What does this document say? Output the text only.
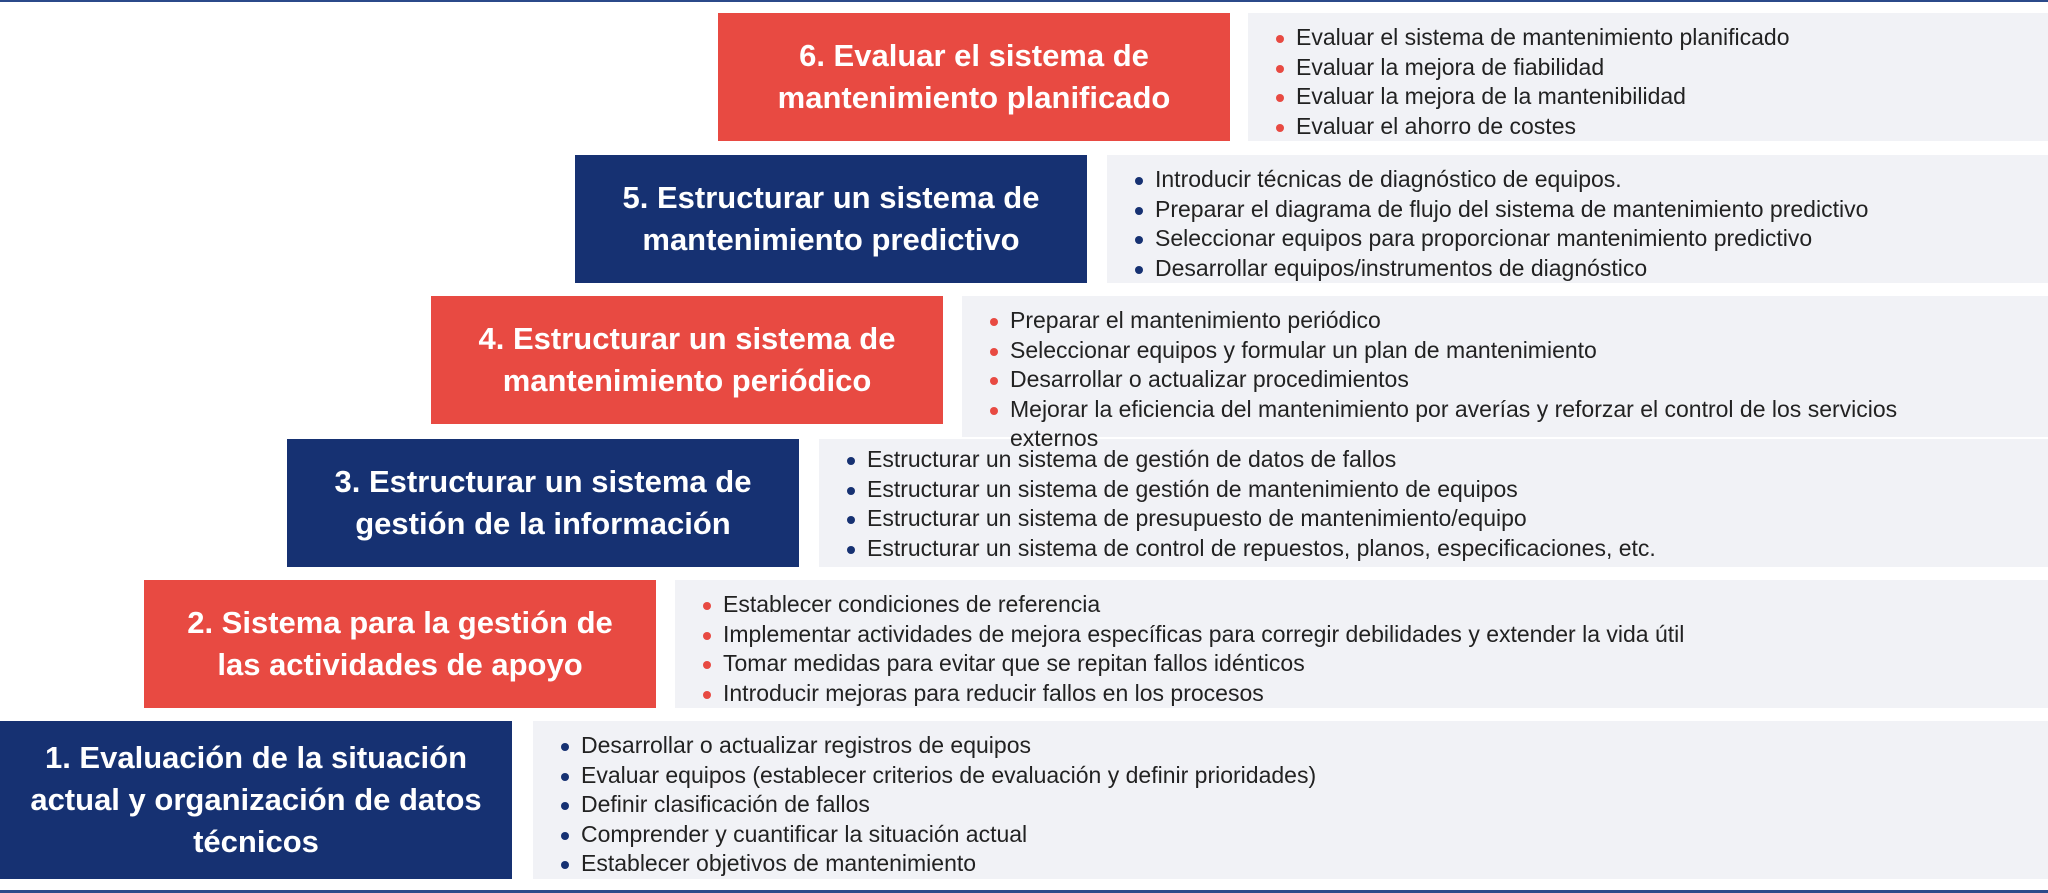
6. Evaluar el sistema de mantenimiento planificado
Evaluar el sistema de mantenimiento planificado
Evaluar la mejora de fiabilidad
Evaluar la mejora de la mantenibilidad
Evaluar el ahorro de costes
5. Estructurar un sistema de mantenimiento predictivo
Introducir técnicas de diagnóstico de equipos.
Preparar el diagrama de flujo del sistema de mantenimiento predictivo
Seleccionar equipos para proporcionar mantenimiento predictivo
Desarrollar equipos/instrumentos de diagnóstico
4. Estructurar un sistema de mantenimiento periódico
Preparar el mantenimiento periódico
Seleccionar equipos y formular un plan de mantenimiento
Desarrollar o actualizar procedimientos
Mejorar la eficiencia del mantenimiento por averías y reforzar el control de los servicios externos
3. Estructurar un sistema de gestión de la información
Estructurar un sistema de gestión de datos de fallos
Estructurar un sistema de gestión de mantenimiento de equipos
Estructurar un sistema de presupuesto de mantenimiento/equipo
Estructurar un sistema de control de repuestos, planos, especificaciones, etc.
2. Sistema para la gestión de las actividades de apoyo
Establecer condiciones de referencia
Implementar actividades de mejora específicas para corregir debilidades y extender la vida útil
Tomar medidas para evitar que se repitan fallos idénticos
Introducir mejoras para reducir fallos en los procesos
1. Evaluación de la situación actual y organización de datos técnicos
Desarrollar o actualizar registros de equipos
Evaluar equipos (establecer criterios de evaluación y definir prioridades)
Definir clasificación de fallos
Comprender y cuantificar la situación actual
Establecer objetivos de mantenimiento
